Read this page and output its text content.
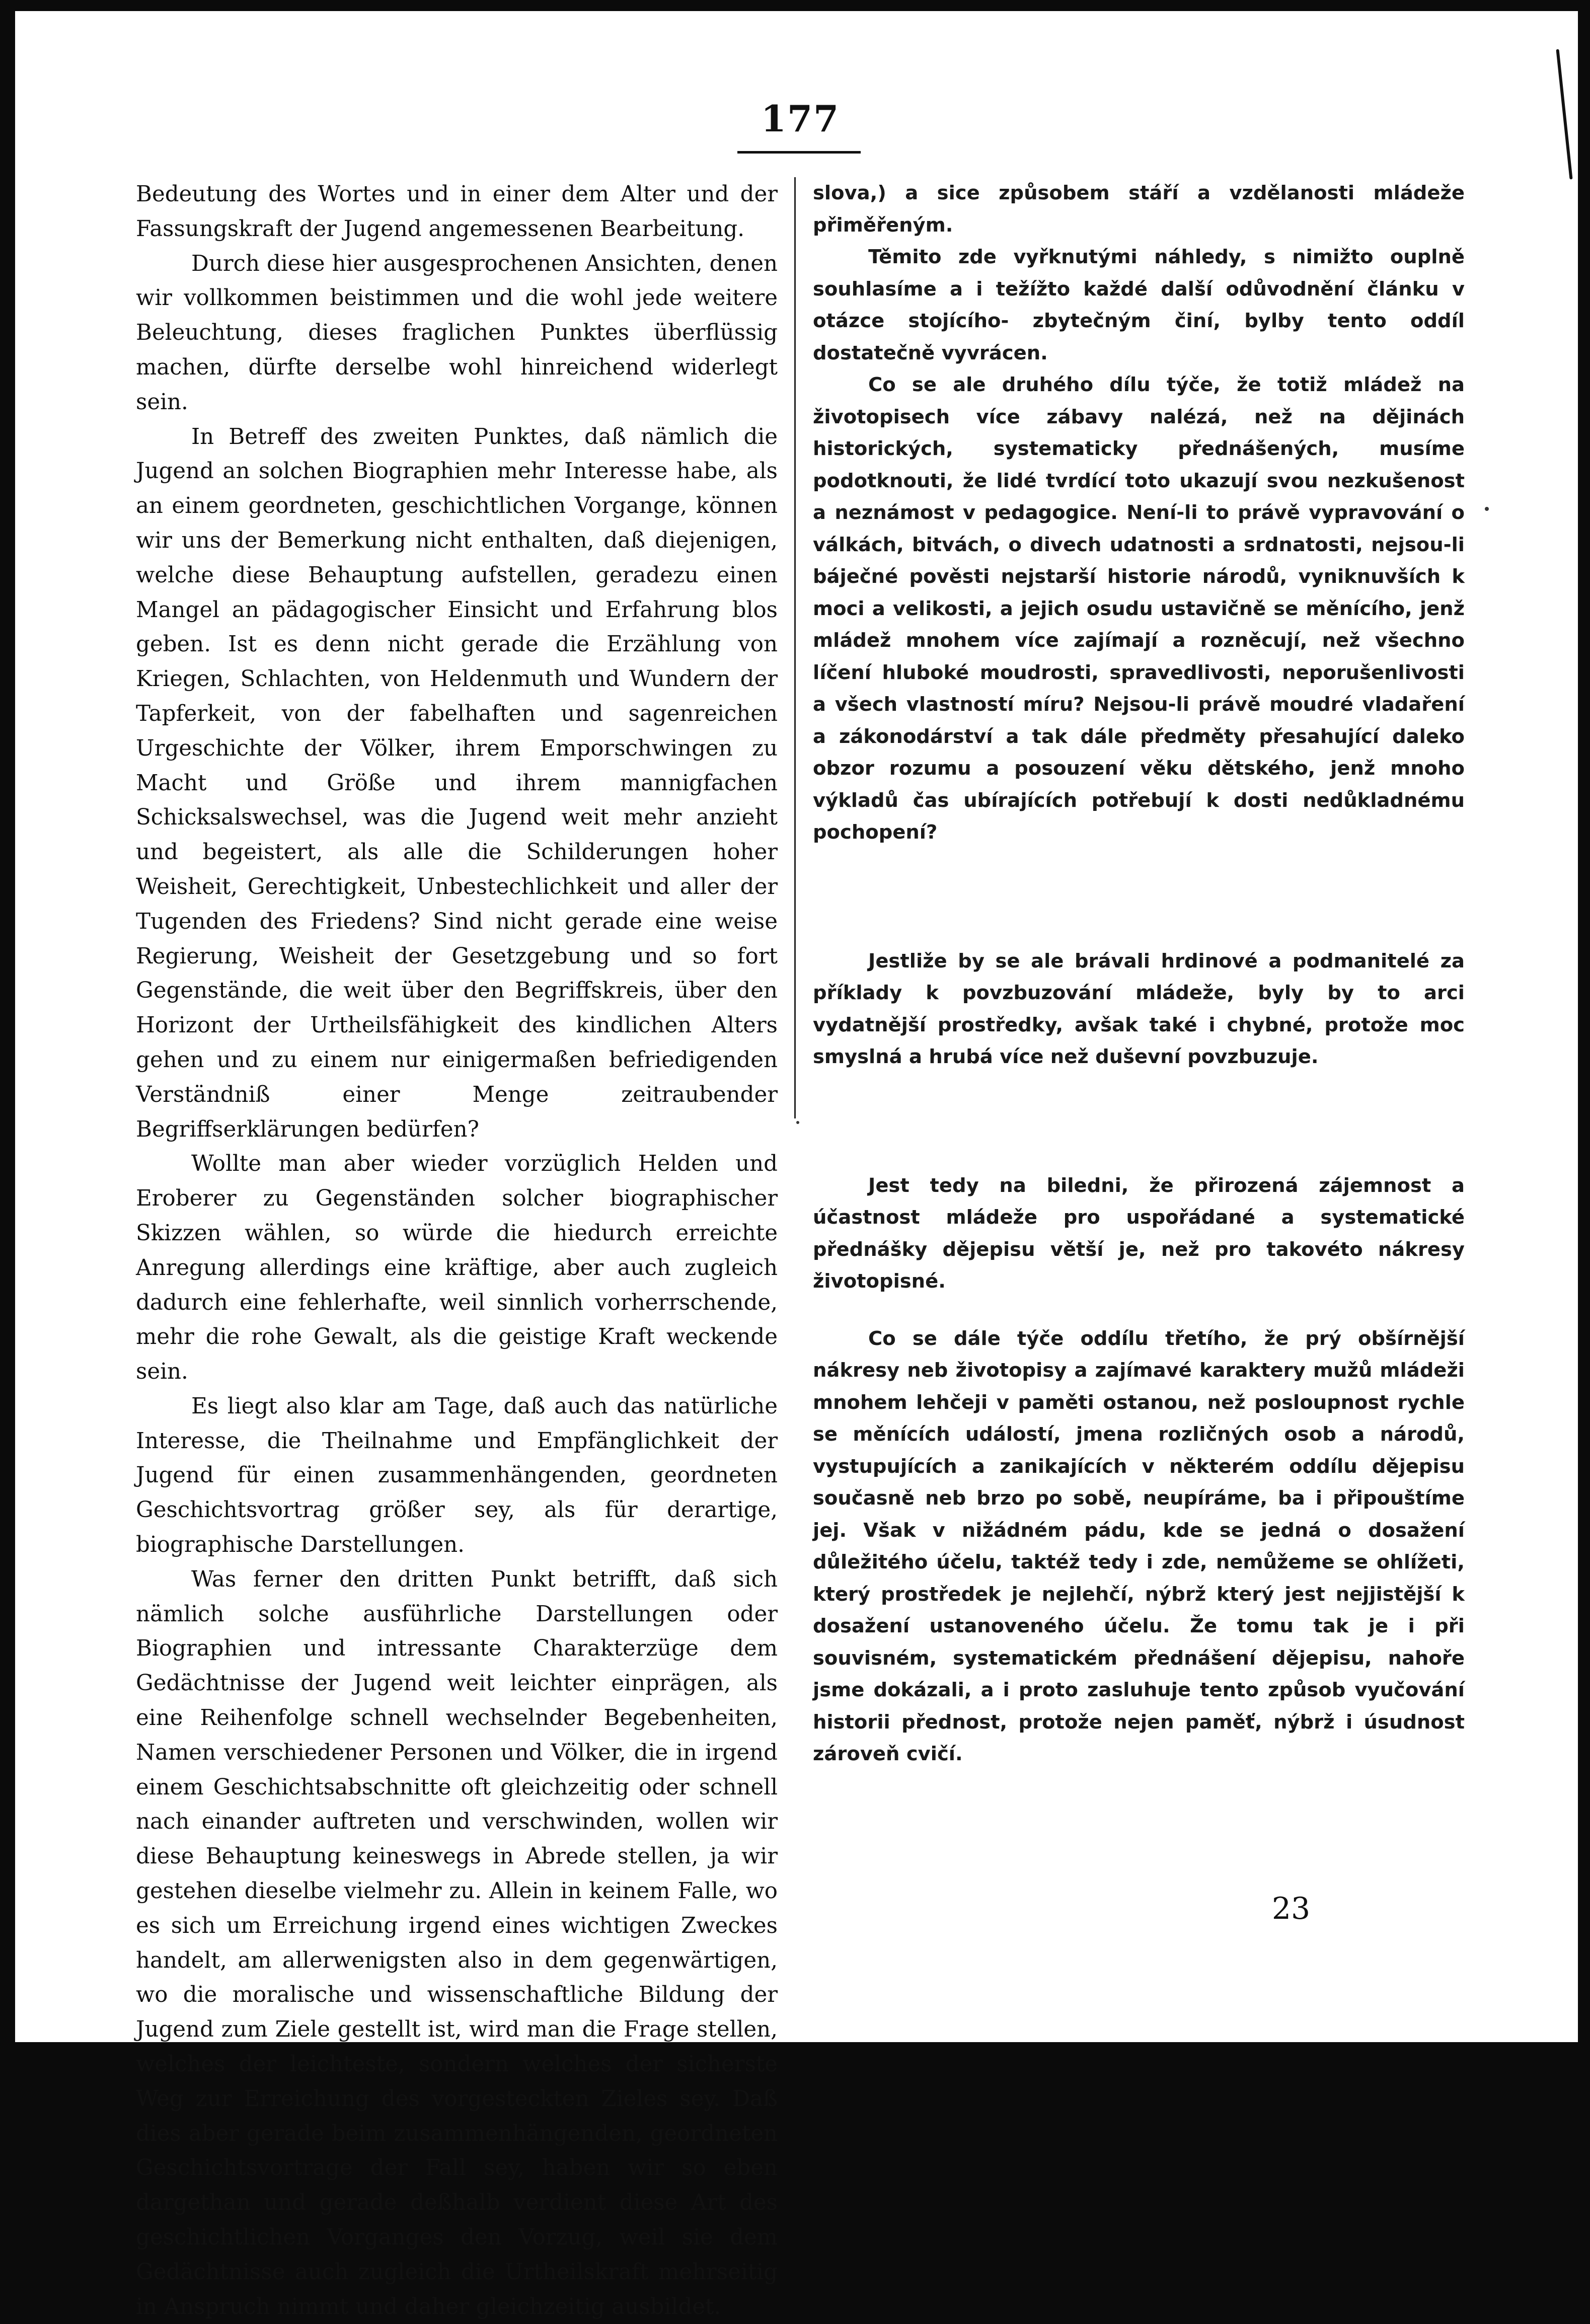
177

Bedeutung des Wortes und in einer dem Alter und der Fassungskraft der Jugend angemessenen Bearbeitung.

Durch diese hier ausgesprochenen Ansichten, denen wir vollkommen beistimmen und die wohl jede weitere Beleuchtung, dieses fraglichen Punktes überflüssig machen, dürfte derselbe wohl hinreichend widerlegt sein.

In Betreff des zweiten Punktes, daß nämlich die Jugend an solchen Biographien mehr Interesse habe, als an einem geordneten, geschichtlichen Vorgange, können wir uns der Bemerkung nicht enthalten, daß diejenigen, welche diese Behauptung aufstellen, geradezu einen Mangel an pädagogischer Einsicht und Erfahrung blos geben. Ist es denn nicht gerade die Erzählung von Kriegen, Schlachten, von Heldenmuth und Wundern der Tapferkeit, von der fabelhaften und sagenreichen Urgeschichte der Völker, ihrem Emporschwingen zu Macht und Größe und ihrem mannigfachen Schicksalswechsel, was die Jugend weit mehr anzieht und begeistert, als alle die Schilderungen hoher Weisheit, Gerechtigkeit, Unbestechlichkeit und aller der Tugenden des Friedens? Sind nicht gerade eine weise Regierung, Weisheit der Gesetzgebung und so fort Gegenstände, die weit über den Begriffskreis, über den Horizont der Urtheilsfähigkeit des kindlichen Alters gehen und zu einem nur einigermaßen befriedigenden Verständniß einer Menge zeitraubender Begriffserklärungen bedürfen?

Wollte man aber wieder vorzüglich Helden und Eroberer zu Gegenständen solcher biographischer Skizzen wählen, so würde die hiedurch erreichte Anregung allerdings eine kräftige, aber auch zugleich dadurch eine fehlerhafte, weil sinnlich vorherrschende, mehr die rohe Gewalt, als die geistige Kraft weckende sein.

Es liegt also klar am Tage, daß auch das natürliche Interesse, die Theilnahme und Empfänglichkeit der Jugend für einen zusammenhängenden, geordneten Geschichtsvortrag größer sey, als für derartige, biographische Darstellungen.

Was ferner den dritten Punkt betrifft, daß sich nämlich solche ausführliche Darstellungen oder Biographien und intressante Charakterzüge dem Gedächtnisse der Jugend weit leichter einprägen, als eine Reihenfolge schnell wechselnder Begebenheiten, Namen verschiedener Personen und Völker, die in irgend einem Geschichtsabschnitte oft gleichzeitig oder schnell nach einander auftreten und verschwinden, wollen wir diese Behauptung keineswegs in Abrede stellen, ja wir gestehen dieselbe vielmehr zu. Allein in keinem Falle, wo es sich um Erreichung irgend eines wichtigen Zweckes handelt, am allerwenigsten also in dem gegenwärtigen, wo die moralische und wissenschaftliche Bildung der Jugend zum Ziele gestellt ist, wird man die Frage stellen, welches der leichteste, sondern welches der sicherste Weg zur Erreichung des vorgesteckten Zieles sey. Daß dies aber gerade beim zusammenhängenden, geordneten Geschichtsvortrage der Fall sey, haben wir so eben dargethan und gerade deßhalb verdient diese Art des geschichtlichen Vorganges den Vorzug, weil sie dem Gedächtnisse auch zugleich die Urtheilskraft mehrseitig in Anspruch nimmt und daher gleichzeitig ausbildet.

slova,) a sice způsobem stáří a vzdělanosti mládeže přiměřeným.

Těmito zde vyřknutými náhledy, s nimižto ouplně souhlasíme a i težížto každé další odůvodnění článku v otázce stojícího- zbytečným činí, bylby tento oddíl dostatečně vyvrácen.

Co se ale druhého dílu týče, že totiž mládež na životopisech více zábavy nalézá, než na dějinách historických, systematicky přednášených, musíme podotknouti, že lidé tvrdící toto ukazují svou nezkušenost a neznámost v pedagogice. Není-li to právě vypravování o válkách, bitvách, o divech udatnosti a srdnatosti, nejsou-li báječné pověsti nejstarší historie národů, vyniknuvších k moci a velikosti, a jejich osudu ustavičně se měnícího, jenž mládež mnohem více zajímají a rozněcují, než všechno líčení hluboké moudrosti, spravedlivosti, neporušenlivosti a všech vlastností míru? Nejsou-li právě moudré vladaření a zákonodárství a tak dále předměty přesahující daleko obzor rozumu a posouzení věku dětského, jenž mnoho výkladů čas ubírajících potřebují k dosti nedůkladnému pochopení?

Jestliže by se ale brávali hrdinové a podmanitelé za příklady k povzbuzování mládeže, byly by to arci vydatnější prostředky, avšak také i chybné, protože moc smyslná a hrubá více než duševní povzbuzuje.

Jest tedy na biledni, že přirozená zájemnost a účastnost mládeže pro uspořádané a systematické přednášky dějepisu větší je, než pro takovéto nákresy životopisné.

Co se dále týče oddílu třetího, že prý obšírnější nákresy neb životopisy a zajímavé karaktery mužů mládeži mnohem lehčeji v paměti ostanou, než posloupnost rychle se měnících událostí, jmena rozličných osob a národů, vystupujících a zanikajících v některém oddílu dějepisu současně neb brzo po sobě, neupíráme, ba i připouštíme jej. Však v nižádném pádu, kde se jedná o dosažení důležitého účelu, taktéž tedy i zde, nemůžeme se ohlížeti, který prostředek je nejlehčí, nýbrž který jest nejjistější k dosažení ustanoveného účelu. Že tomu tak je i při souvisném, systematickém přednášení dějepisu, nahoře jsme dokázali, a i proto zasluhuje tento způsob vyučování historii přednost, protože nejen paměť, nýbrž i úsudnost zároveň cvičí.

23
